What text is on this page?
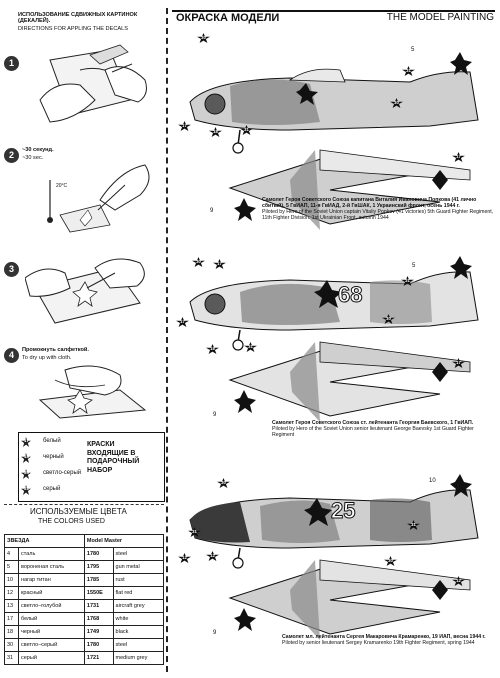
ИСПОЛЬЗОВАНИЕ СДВИЖНЫХ КАРТИНОК (ДЕКАЛЕЙ).
DIRECTIONS FOR APPLING THE DECALS
1
2	~30 секунд.
~30 sec.
20°C
3
4	Промокнуть салфеткой.
To dry up with cloth.
17 белый
18 черный
30 светло-серый
31 серый
КРАСКИ
ВХОДЯЩИЕ В
ПОДАРОЧНЫЙ
НАБОР
ИСПОЛЬЗУЕМЫЕ ЦВЕТА
THE COLORS USED
ЗВЕЗДА		Model Master	
4	сталь	1780	steel
5	вороненая сталь	1795	gun metal
10	нагар титан	1785	rust
12	красный	1550E	flat red
13	светло–голубой	1731	aircraft grey
17	белый	1768	white
18	черный	1749	black
30	светло–серый	1780	steel
31	серый	1721	medium grey
ОКРАСКА МОДЕЛИ	THE MODEL PAINTING
30
17
18	31
31
30
17
5
9
Самолет Героя Советского Союза капитана Виталия Ивановича Попкова (41 лично сбитый), 5 ГвИАП, 11-я ГвИАД, 2-й ГвШАК, 1 Украинский фронт, осень 1944 г.
Piloted by Hero of the Soviet Union captain Vitaliy Popkov (41 victories) 5th Guard Fighter Regiment, 11th Fighter Division. 1st Ukrainian Front, autumn 1944
68
30	17
17
18	31
31
30
17
5
9
Самолет Героя Советского Союза ст. лейтенанта Георгия Баевского, 1 ГвИАП.
Piloted by Hero of the Soviet Union senior lieutenant George Baevsky 1st Guard Fighter Regiment
25
30
31
12	12
31
30
12
10
9
Самолет мл. лейтенанта Сергея Макаровича Крамаренко, 19 ИАП, весна 1944 г.
Piloted by senior lieutenant Sergey Kramarenko 19th Fighter Regiment, spring 1944
